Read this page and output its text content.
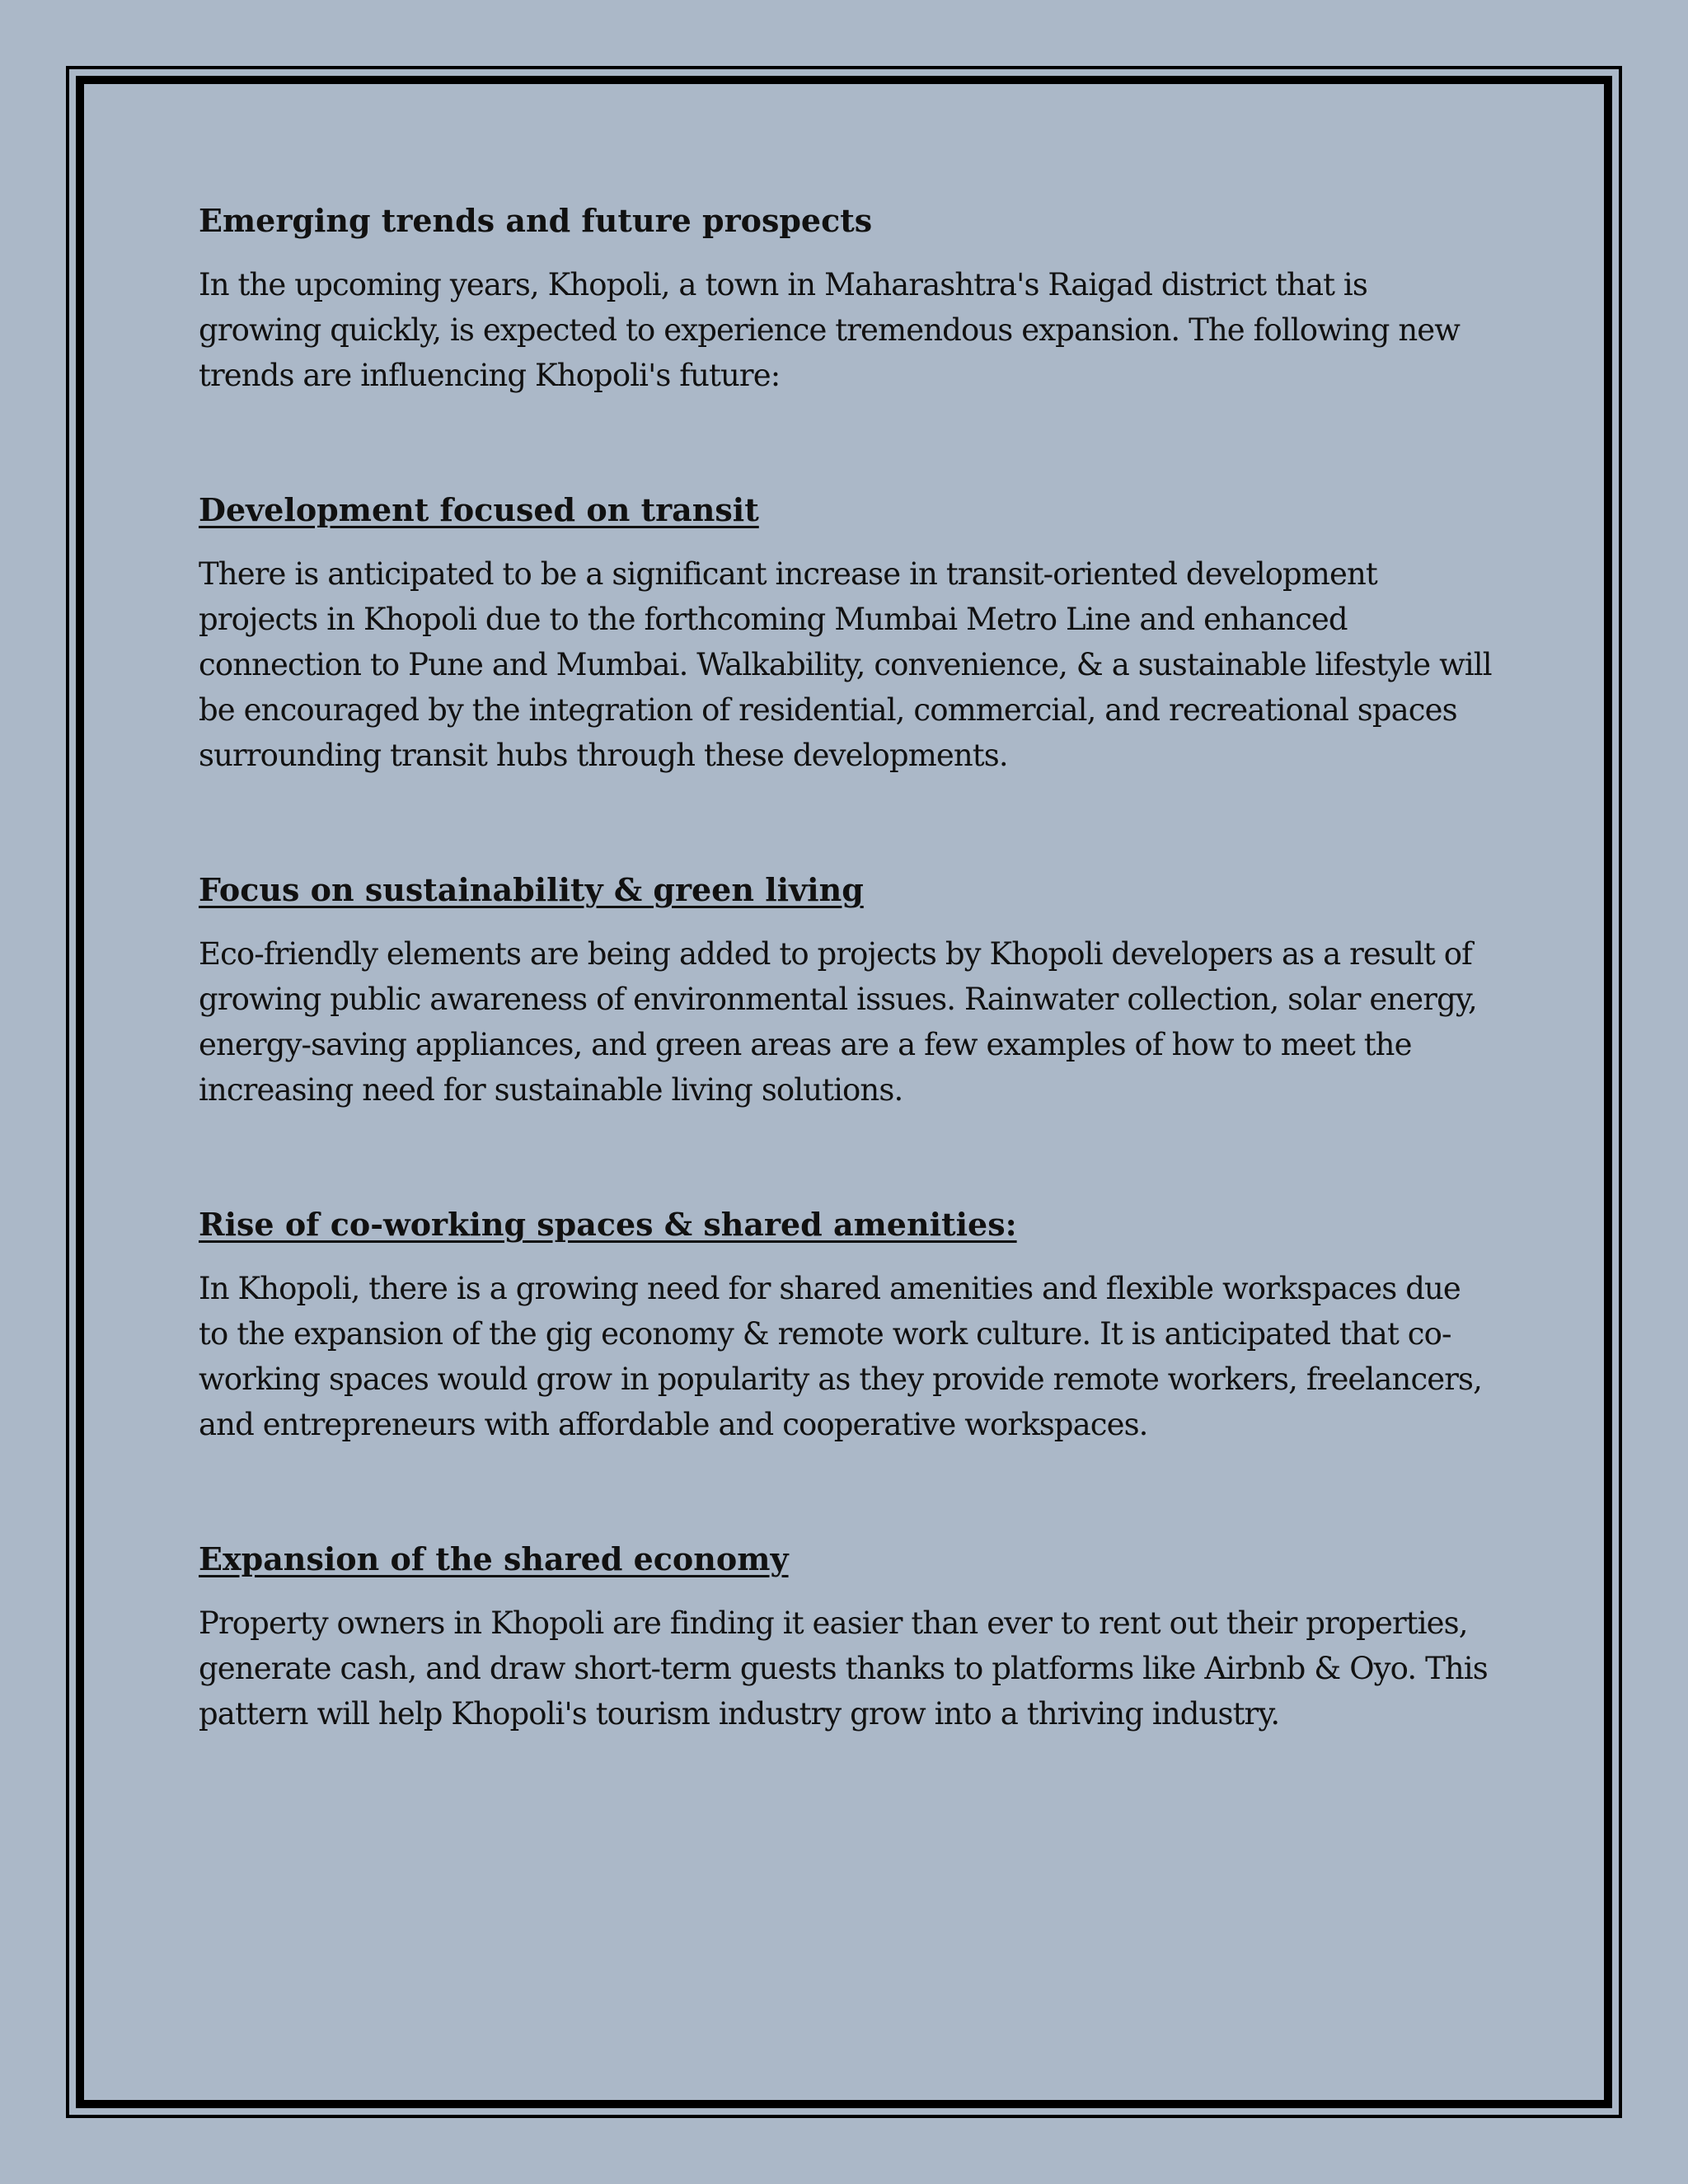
Emerging trends and future prospects

In the upcoming years, Khopoli, a town in Maharashtra's Raigad district that is growing quickly, is expected to experience tremendous expansion. The following new trends are influencing Khopoli's future:

Development focused on transit

There is anticipated to be a significant increase in transit-oriented development projects in Khopoli due to the forthcoming Mumbai Metro Line and enhanced connection to Pune and Mumbai. Walkability, convenience, & a sustainable lifestyle will be encouraged by the integration of residential, commercial, and recreational spaces surrounding transit hubs through these developments.

Focus on sustainability & green living

Eco-friendly elements are being added to projects by Khopoli developers as a result of growing public awareness of environmental issues. Rainwater collection, solar energy, energy-saving appliances, and green areas are a few examples of how to meet the increasing need for sustainable living solutions.

Rise of co-working spaces & shared amenities:

In Khopoli, there is a growing need for shared amenities and flexible workspaces due to the expansion of the gig economy & remote work culture. It is anticipated that co-working spaces would grow in popularity as they provide remote workers, freelancers, and entrepreneurs with affordable and cooperative workspaces.

Expansion of the shared economy

Property owners in Khopoli are finding it easier than ever to rent out their properties, generate cash, and draw short-term guests thanks to platforms like Airbnb & Oyo. This pattern will help Khopoli's tourism industry grow into a thriving industry.
